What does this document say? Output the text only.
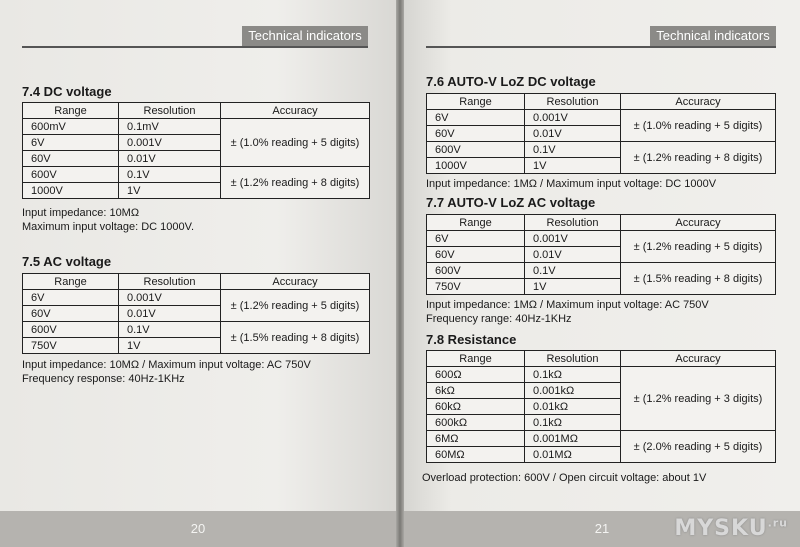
Technical indicators
7.4 DC voltage
Range	Resolution	Accuracy
600mV	0.1mV	± (1.0% reading + 5 digits)
6V	0.001V	
60V	0.01V	
600V	0.1V	± (1.2% reading + 8 digits)
1000V	1V	
Input impedance: 10MΩ
Maximum input voltage: DC 1000V.
7.5 AC voltage
Range	Resolution	Accuracy
6V	0.001V	± (1.2% reading + 5 digits)
60V	0.01V	
600V	0.1V	± (1.5% reading + 8 digits)
750V	1V	
Input impedance: 10MΩ / Maximum input voltage: AC 750V
Frequency response: 40Hz-1KHz
20
Technical indicators
7.6 AUTO-V LoZ DC voltage
Range	Resolution	Accuracy
6V	0.001V	± (1.0% reading + 5 digits)
60V	0.01V	
600V	0.1V	± (1.2% reading + 8 digits)
1000V	1V	
Input impedance: 1MΩ / Maximum input voltage: DC 1000V
7.7 AUTO-V LoZ AC voltage
Range	Resolution	Accuracy
6V	0.001V	± (1.2% reading + 5 digits)
60V	0.01V	
600V	0.1V	± (1.5% reading + 8 digits)
750V	1V	
Input impedance: 1MΩ / Maximum input voltage: AC 750V
Frequency range: 40Hz-1KHz
7.8 Resistance
Range	Resolution	Accuracy
600Ω	0.1kΩ	± (1.2% reading + 3 digits)
6kΩ	0.001kΩ	
60kΩ	0.01kΩ	
600kΩ	0.1kΩ	
6MΩ	0.001MΩ	± (2.0% reading + 5 digits)
60MΩ	0.01MΩ	
Overload protection: 600V / Open circuit voltage: about 1V
21	$MYSKU^{.ru}$
